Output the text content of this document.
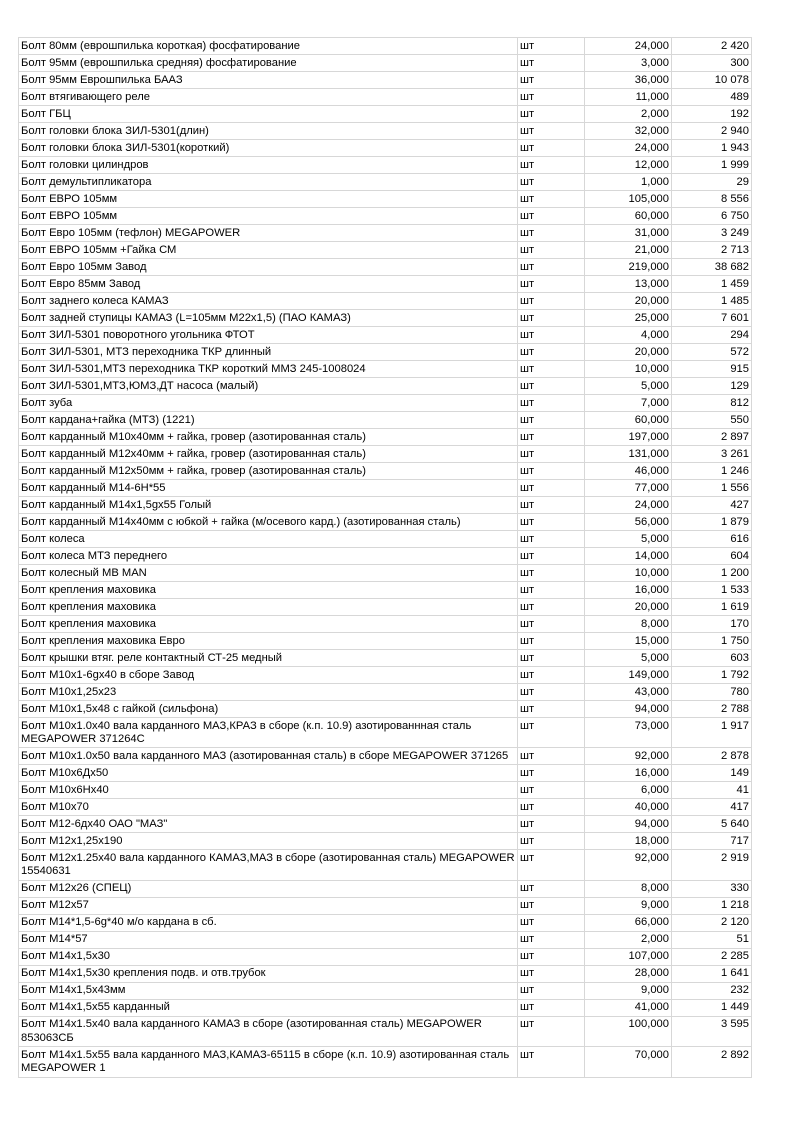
Болт 80мм (еврошпилька короткая) фосфатирование	шт	24,000	2 420
Болт 95мм (еврошпилька средняя) фосфатирование	шт	3,000	300
Болт 95мм Еврошпилька БААЗ	шт	36,000	10 078
Болт втягивающего реле	шт	11,000	489
Болт ГБЦ	шт	2,000	192
Болт головки блока ЗИЛ-5301(длин)	шт	32,000	2 940
Болт головки блока ЗИЛ-5301(короткий)	шт	24,000	1 943
Болт головки цилиндров	шт	12,000	1 999
Болт демультипликатора	шт	1,000	29
Болт ЕВРО 105мм	шт	105,000	8 556
Болт ЕВРО 105мм	шт	60,000	6 750
Болт Евро 105мм (тефлон) MEGAPOWER	шт	31,000	3 249
Болт ЕВРО 105мм +Гайка СМ	шт	21,000	2 713
Болт Евро 105мм Завод	шт	219,000	38 682
Болт Евро 85мм Завод	шт	13,000	1 459
Болт заднего колеса КАМАЗ	шт	20,000	1 485
Болт задней ступицы КАМАЗ (L=105мм М22х1,5) (ПАО КАМАЗ)	шт	25,000	7 601
Болт ЗИЛ-5301 поворотного угольника ФТОТ	шт	4,000	294
Болт ЗИЛ-5301, МТЗ переходника ТКР длинный	шт	20,000	572
Болт ЗИЛ-5301,МТЗ переходника ТКР короткий ММЗ 245-1008024	шт	10,000	915
Болт ЗИЛ-5301,МТЗ,ЮМЗ,ДТ насоса (малый)	шт	5,000	129
Болт зуба	шт	7,000	812
Болт кардана+гайка (МТЗ) (1221)	шт	60,000	550
Болт карданный М10х40мм + гайка, гровер (азотированная сталь)	шт	197,000	2 897
Болт карданный М12х40мм + гайка, гровер (азотированная сталь)	шт	131,000	3 261
Болт карданный М12х50мм + гайка, гровер (азотированная сталь)	шт	46,000	1 246
Болт карданный М14-6Н*55	шт	77,000	1 556
Болт карданный М14х1,5gх55 Голый	шт	24,000	427
Болт карданный М14х40мм с юбкой + гайка (м/осевого кард.) (азотированная сталь)	шт	56,000	1 879
Болт колеса	шт	5,000	616
Болт колеса МТЗ переднего	шт	14,000	604
Болт колесный MB MAN	шт	10,000	1 200
Болт крепления маховика	шт	16,000	1 533
Болт крепления маховика	шт	20,000	1 619
Болт крепления маховика	шт	8,000	170
Болт крепления маховика Евро	шт	15,000	1 750
Болт крышки втяг. реле контактный СТ-25 медный	шт	5,000	603
Болт М10х1-6gх40 в сборе Завод	шт	149,000	1 792
Болт М10х1,25х23	шт	43,000	780
Болт М10х1,5х48 с гайкой (сильфона)	шт	94,000	2 788
Болт М10х1.0х40 вала карданного МАЗ,КРАЗ в сборе (к.п. 10.9) азотированнная сталь MEGAPOWER 371264С	шт	73,000	1 917
Болт М10х1.0х50 вала карданного МАЗ (азотированная сталь) в сборе MEGAPOWER 371265	шт	92,000	2 878
Болт М10х6Дх50	шт	16,000	149
Болт М10х6Нх40	шт	6,000	41
Болт М10х70	шт	40,000	417
Болт М12-6дх40 ОАО "МАЗ"	шт	94,000	5 640
Болт М12х1,25х190	шт	18,000	717
Болт М12х1.25х40 вала карданного КАМАЗ,МАЗ в сборе (азотированная сталь) MEGAPOWER 15540631	шт	92,000	2 919
Болт М12х26 (СПЕЦ)	шт	8,000	330
Болт М12х57	шт	9,000	1 218
Болт М14*1,5-6g*40 м/о кардана в сб.	шт	66,000	2 120
Болт М14*57	шт	2,000	51
Болт М14х1,5х30	шт	107,000	2 285
Болт М14х1,5х30 крепления подв. и отв.трубок	шт	28,000	1 641
Болт М14х1,5х43мм	шт	9,000	232
Болт М14х1,5х55 карданный	шт	41,000	1 449
Болт М14х1.5х40 вала карданного КАМАЗ в сборе (азотированная сталь) MEGAPOWER 853063СБ	шт	100,000	3 595
Болт М14х1.5х55 вала карданного МАЗ,КАМАЗ-65115 в сборе (к.п. 10.9) азотированная сталь MEGAPOWER 1	шт	70,000	2 892
